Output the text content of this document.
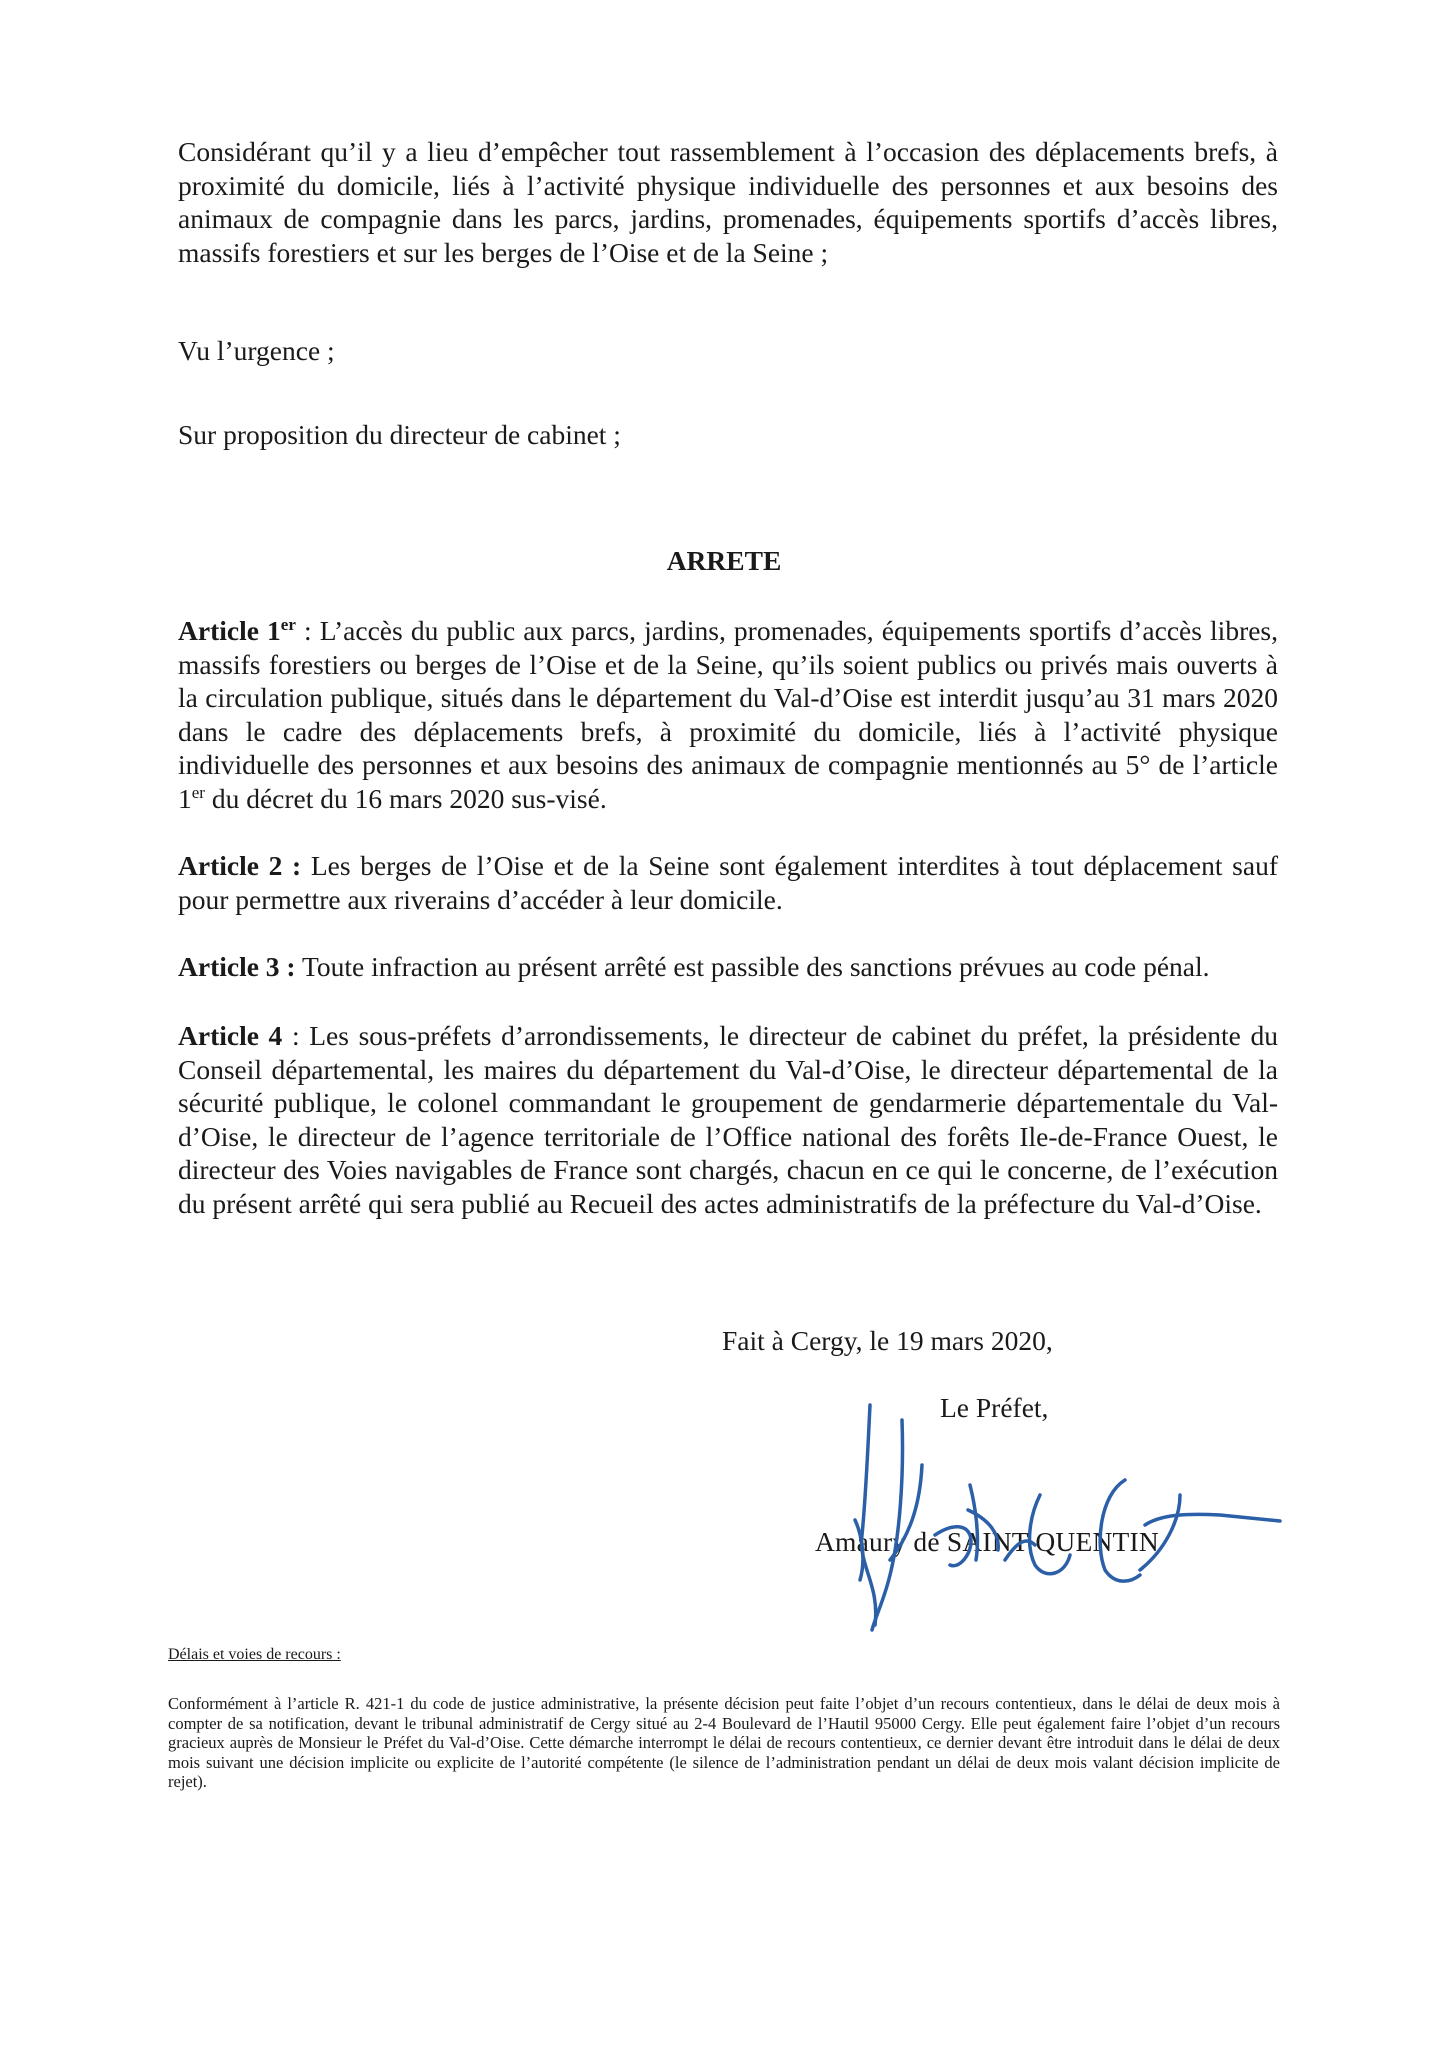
Considérant qu’il y a lieu d’empêcher tout rassemblement à l’occasion des déplacements brefs, à proximité du domicile, liés à l’activité physique individuelle des personnes et aux besoins des animaux de compagnie dans les parcs, jardins, promenades, équipements sportifs d’accès libres, massifs forestiers et sur les berges de l’Oise et de la Seine ;

Vu l’urgence ;

Sur proposition du directeur de cabinet ;

ARRETE

Article 1er : L’accès du public aux parcs, jardins, promenades, équipements sportifs d’accès libres, massifs forestiers ou berges de l’Oise et de la Seine, qu’ils soient publics ou privés mais ouverts à la circulation publique, situés dans le département du Val-d’Oise est interdit jusqu’au 31 mars 2020 dans le cadre des déplacements brefs, à proximité du domicile, liés à l’activité physique individuelle des personnes et aux besoins des animaux de compagnie mentionnés au 5° de l’article 1er du décret du 16 mars 2020 sus-visé.

Article 2 : Les berges de l’Oise et de la Seine sont également interdites à tout déplacement sauf pour permettre aux riverains d’accéder à leur domicile.

Article 3 : Toute infraction au présent arrêté est passible des sanctions prévues au code pénal.

Article 4 : Les sous-préfets d’arrondissements, le directeur de cabinet du préfet, la présidente du Conseil départemental, les maires du département du Val-d’Oise, le directeur départemental de la sécurité publique, le colonel commandant le groupement de gendarmerie départementale du Val-d’Oise, le directeur de l’agence territoriale de l’Office national des forêts Ile-de-France Ouest, le directeur des Voies navigables de France sont chargés, chacun en ce qui le concerne, de l’exécution du présent arrêté qui sera publié au Recueil des actes administratifs de la préfecture du Val-d’Oise.

Fait à Cergy, le 19 mars 2020,
Le Préfet,
Amaury de SAINT QUENTIN
Délais et voies de recours :

Conformément à l’article R. 421-1 du code de justice administrative, la présente décision peut faite l’objet d’un recours contentieux, dans le délai de deux mois à compter de sa notification, devant le tribunal administratif de Cergy situé au 2-4 Boulevard de l’Hautil 95000 Cergy. Elle peut également faire l’objet d’un recours gracieux auprès de Monsieur le Préfet du Val-d’Oise. Cette démarche interrompt le délai de recours contentieux, ce dernier devant être introduit dans le délai de deux mois suivant une décision implicite ou explicite de l’autorité compétente (le silence de l’administration pendant un délai de deux mois valant décision implicite de rejet).
